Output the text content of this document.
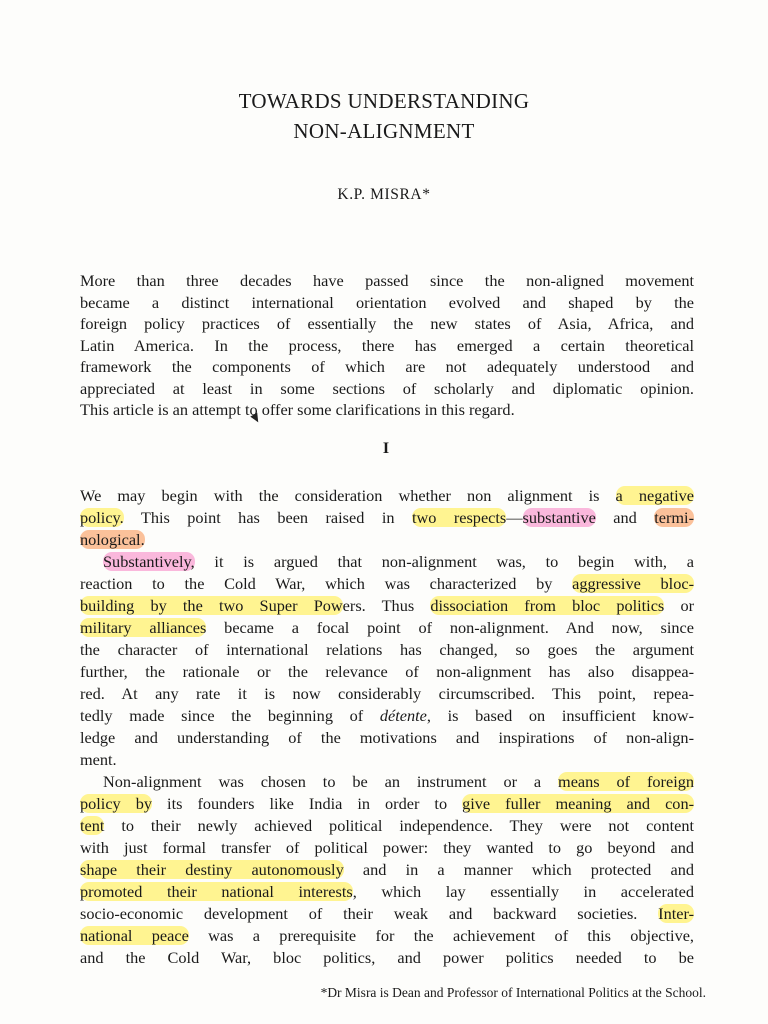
TOWARDS UNDERSTANDING
NON-ALIGNMENT
K.P. MISRA*
More than three decades have passed since the non-aligned movement
became a distinct international orientation evolved and shaped by the
foreign policy practices of essentially the new states of Asia, Africa, and
Latin America. In the process, there has emerged a certain theoretical
framework the components of which are not adequately understood and
appreciated at least in some sections of scholarly and diplomatic opinion.
This article is an attempt to offer some clarifications in this regard.
I
We may begin with the consideration whether non alignment is a negative
policy. This point has been raised in two respects—substantive and termi-
nological.
Substantively, it is argued that non-alignment was, to begin with, a
reaction to the Cold War, which was characterized by aggressive bloc-
building by the two Super Powers. Thus dissociation from bloc politics or
military alliances became a focal point of non-alignment. And now, since
the character of international relations has changed, so goes the argument
further, the rationale or the relevance of non-alignment has also disappea-
red. At any rate it is now considerably circumscribed. This point, repea-
tedly made since the beginning of détente, is based on insufficient know-
ledge and understanding of the motivations and inspirations of non-align-
ment.
Non-alignment was chosen to be an instrument or a means of foreign
policy by its founders like India in order to give fuller meaning and con-
tent to their newly achieved political independence. They were not content
with just formal transfer of political power: they wanted to go beyond and
shape their destiny autonomously and in a manner which protected and
promoted their national interests, which lay essentially in accelerated
socio-economic development of their weak and backward societies. Inter-
national peace was a prerequisite for the achievement of this objective,
and the Cold War, bloc politics, and power politics needed to be
*Dr Misra is Dean and Professor of International Politics at the School.
